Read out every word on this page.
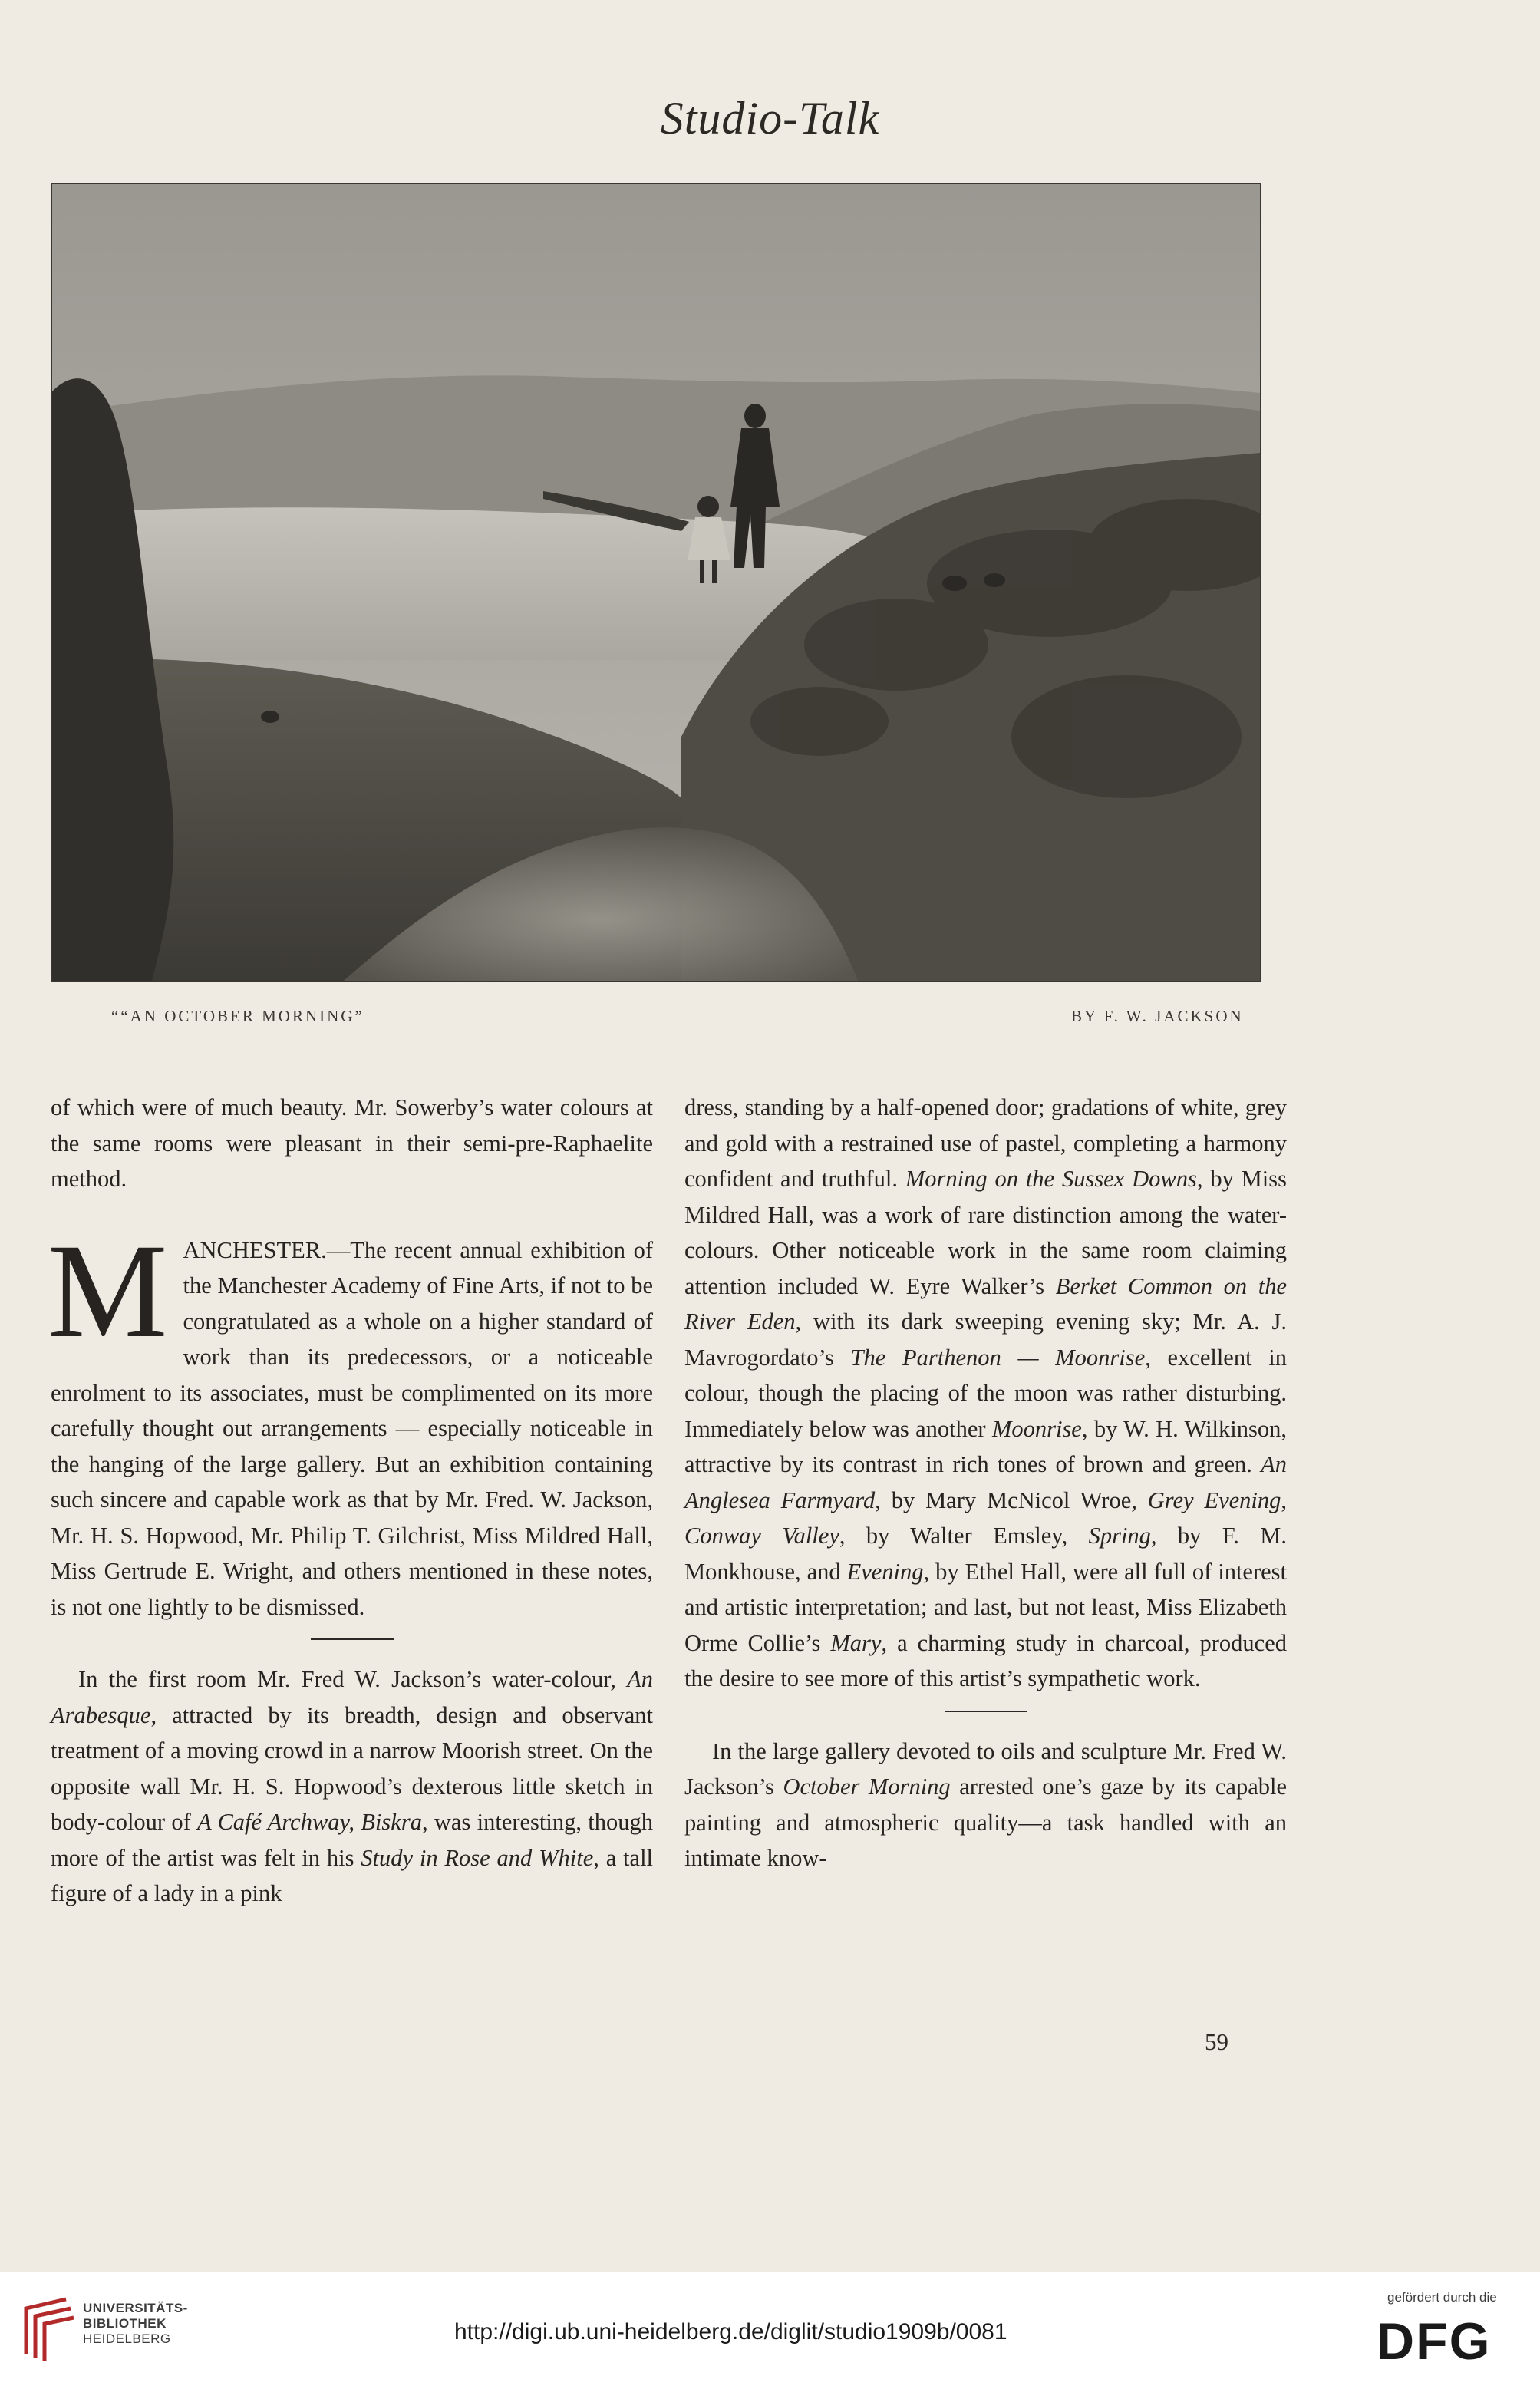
Studio-Talk
““AN OCTOBER MORNING”	BY F. W. JACKSON

of which were of much beauty. Mr. Sowerby’s water colours at the same rooms were pleasant in their semi-pre-Raphaelite method.

MANCHESTER.—The recent annual exhibition of the Manchester Academy of Fine Arts, if not to be congratulated as a whole on a higher standard of work than its predecessors, or a noticeable enrolment to its associates, must be complimented on its more carefully thought out arrangements — especially noticeable in the hanging of the large gallery. But an exhibition containing such sincere and capable work as that by Mr. Fred. W. Jackson, Mr. H. S. Hopwood, Mr. Philip T. Gilchrist, Miss Mildred Hall, Miss Gertrude E. Wright, and others mentioned in these notes, is not one lightly to be dismissed.

In the first room Mr. Fred W. Jackson’s water-colour, An Arabesque, attracted by its breadth, design and observant treatment of a moving crowd in a narrow Moorish street. On the opposite wall Mr. H. S. Hopwood’s dexterous little sketch in body-colour of A Café Archway, Biskra, was interesting, though more of the artist was felt in his Study in Rose and White, a tall figure of a lady in a pink

dress, standing by a half-opened door; gradations of white, grey and gold with a restrained use of pastel, completing a harmony confident and truthful. Morning on the Sussex Downs, by Miss Mildred Hall, was a work of rare distinction among the water-colours. Other noticeable work in the same room claiming attention included W. Eyre Walker’s Berket Common on the River Eden, with its dark sweeping evening sky; Mr. A. J. Mavrogordato’s The Parthenon — Moonrise, excellent in colour, though the placing of the moon was rather disturbing. Immediately below was another Moonrise, by W. H. Wilkinson, attractive by its contrast in rich tones of brown and green. An Anglesea Farmyard, by Mary McNicol Wroe, Grey Evening, Conway Valley, by Walter Emsley, Spring, by F. M. Monkhouse, and Evening, by Ethel Hall, were all full of interest and artistic interpretation; and last, but not least, Miss Elizabeth Orme Collie’s Mary, a charming study in charcoal, produced the desire to see more of this artist’s sympathetic work.

In the large gallery devoted to oils and sculpture Mr. Fred W. Jackson’s October Morning arrested one’s gaze by its capable painting and atmospheric quality—a task handled with an intimate know-

59
UNIVERSITÄTS-
BIBLIOTHEK
HEIDELBERG	http://digi.ub.uni-heidelberg.de/diglit/studio1909b/0081
gefördert durch die
DFG
